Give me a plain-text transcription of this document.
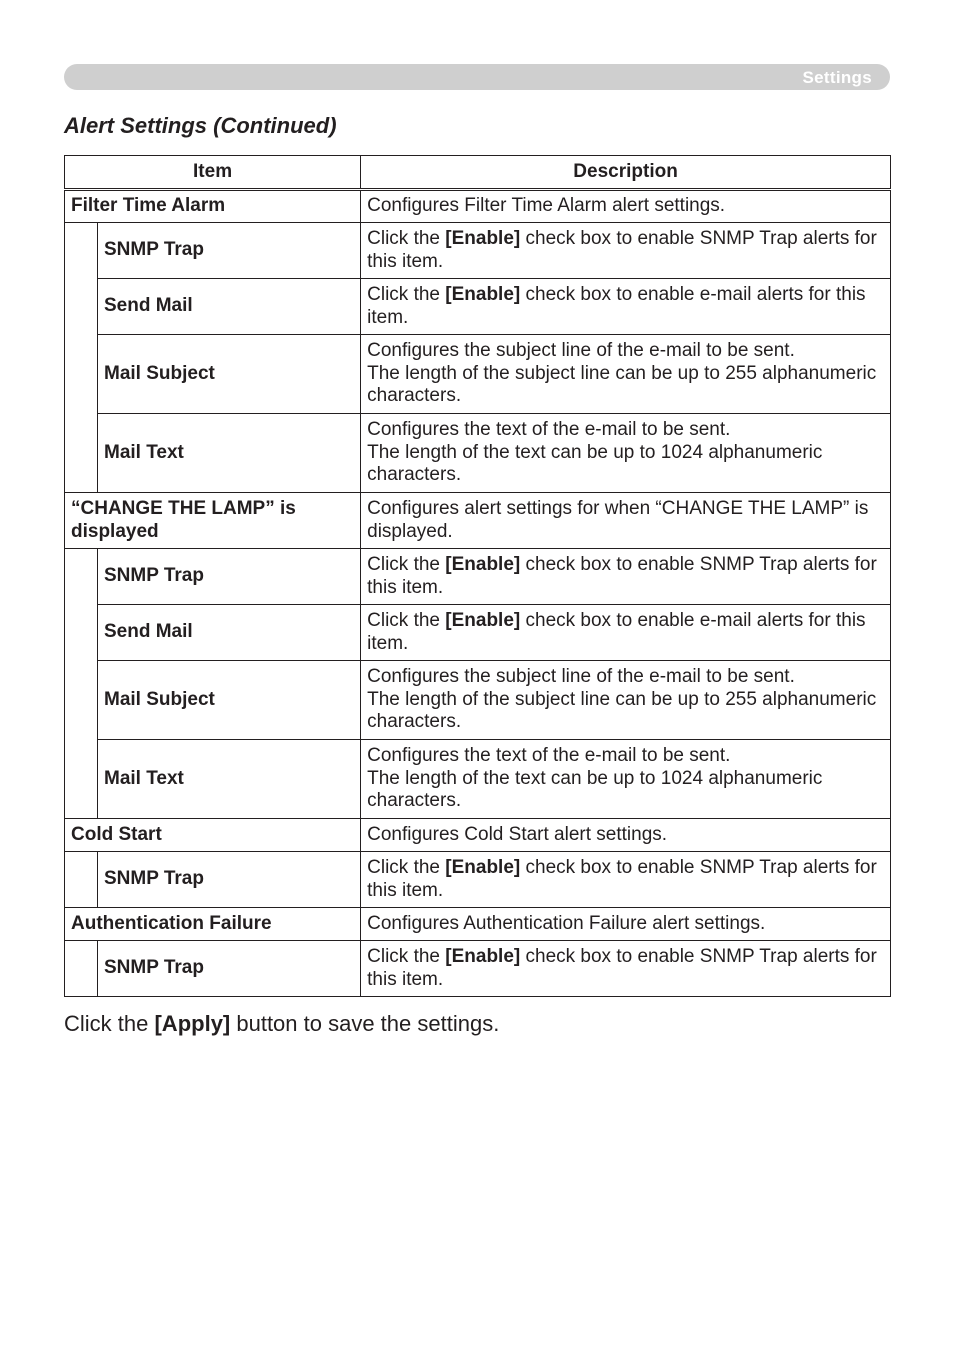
Settings
Alert Settings (Continued)
Item		Description
Filter Time Alarm		Configures Filter Time Alarm alert settings.
	SNMP Trap	Click the [Enable] check box to enable SNMP Trap alerts for this item.
	Send Mail	Click the [Enable] check box to enable e-mail alerts for this item.
	Mail Subject	Configures the subject line of the e-mail to be sent.
The length of the subject line can be up to 255 alphanumeric characters.

	Mail Text	Configures the text of the e-mail to be sent.
The length of the text can be up to 1024 alphanumeric characters.

“CHANGE THE LAMP” is displayed		Configures alert settings for when “CHANGE THE LAMP” is displayed.
	SNMP Trap	Click the [Enable] check box to enable SNMP Trap alerts for this item.
	Send Mail	Click the [Enable] check box to enable e-mail alerts for this item.
	Mail Subject	Configures the subject line of the e-mail to be sent.
The length of the subject line can be up to 255 alphanumeric characters.

	Mail Text	Configures the text of the e-mail to be sent.
The length of the text can be up to 1024 alphanumeric characters.

Cold Start		Configures Cold Start alert settings.
	SNMP Trap	Click the [Enable] check box to enable SNMP Trap alerts for this item.
Authentication Failure		Configures Authentication Failure alert settings.
	SNMP Trap	Click the [Enable] check box to enable SNMP Trap alerts for this item.

Click the [Apply] button to save the settings.
